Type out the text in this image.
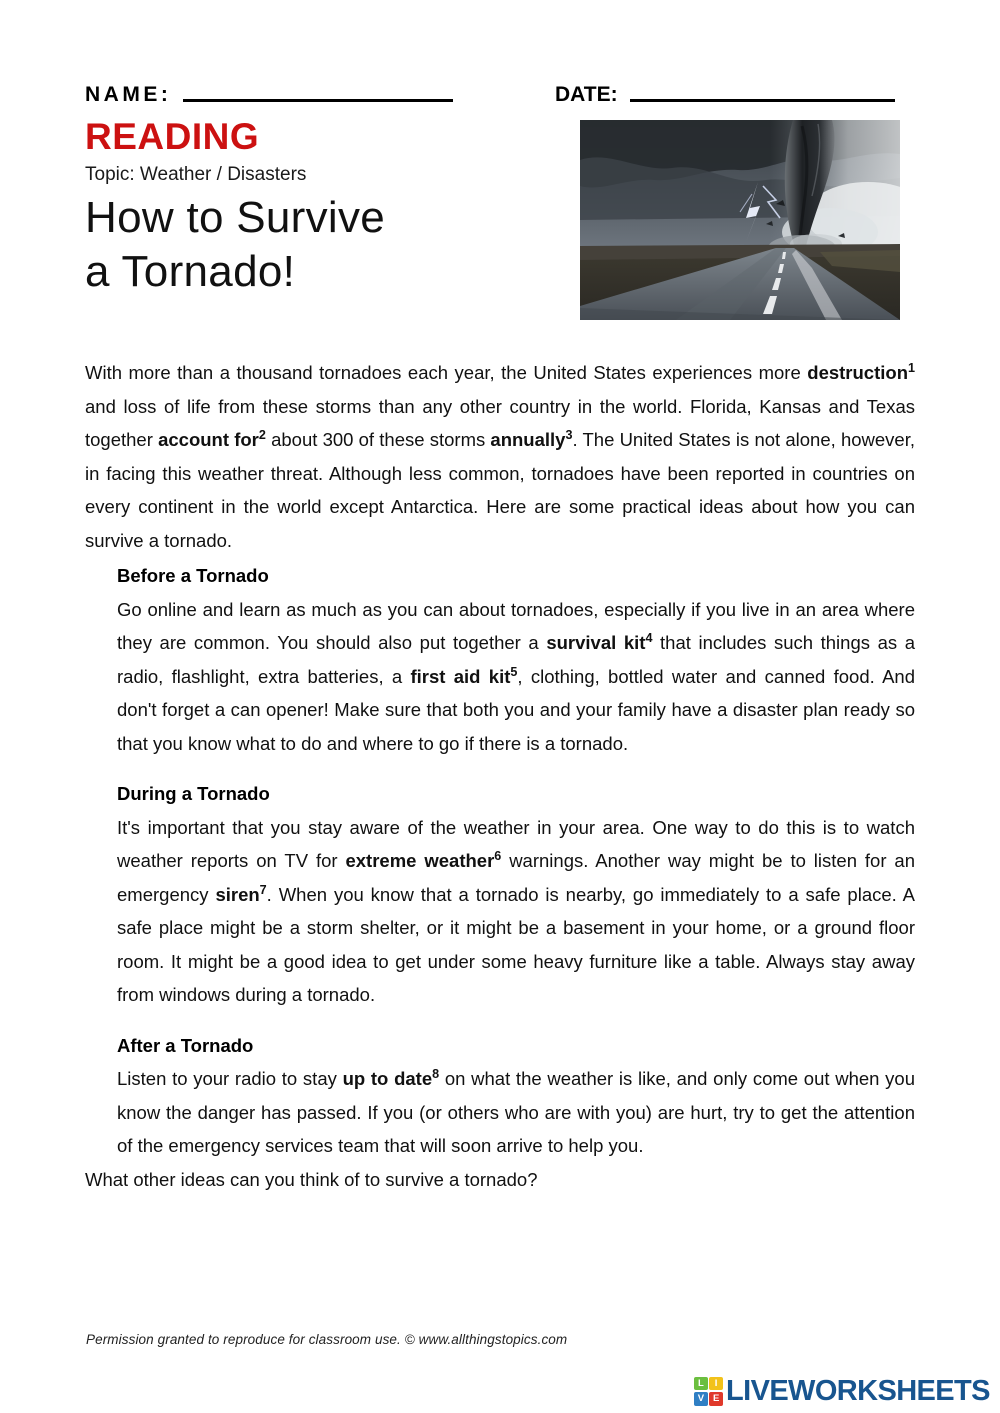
NAME:	DATE:
READING
Topic: Weather / Disasters
How to Survive
a Tornado!

With more than a thousand tornadoes each year, the United States experiences more destruction$^1$ and loss of life from these storms than any other country in the world. Florida, Kansas and Texas together account for$^2$ about 300 of these storms annually$^3$. The United States is not alone, however, in facing this weather threat. Although less common, tornadoes have been reported in countries on every continent in the world except Antarctica. Here are some practical ideas about how you can survive a tornado.

Before a Tornado

Go online and learn as much as you can about tornadoes, especially if you live in an area where they are common. You should also put together a survival kit$^4$ that includes such things as a radio, flashlight, extra batteries, a first aid kit$^5$, clothing, bottled water and canned food. And don't forget a can opener! Make sure that both you and your family have a disaster plan ready so that you know what to do and where to go if there is a tornado.

During a Tornado

It's important that you stay aware of the weather in your area. One way to do this is to watch weather reports on TV for extreme weather$^6$ warnings. Another way might be to listen for an emergency siren$^7$. When you know that a tornado is nearby, go immediately to a safe place. A safe place might be a storm shelter, or it might be a basement in your home, or a ground floor room. It might be a good idea to get under some heavy furniture like a table. Always stay away from windows during a tornado.

After a Tornado

Listen to your radio to stay up to date$^8$ on what the weather is like, and only come out when you know the danger has passed. If you (or others who are with you) are hurt, try to get the attention of the emergency services team that will soon arrive to help you.

What other ideas can you think of to survive a tornado?

Permission granted to reproduce for classroom use. © www.allthingstopics.com
L	I
V E LIVEWORKSHEETS
